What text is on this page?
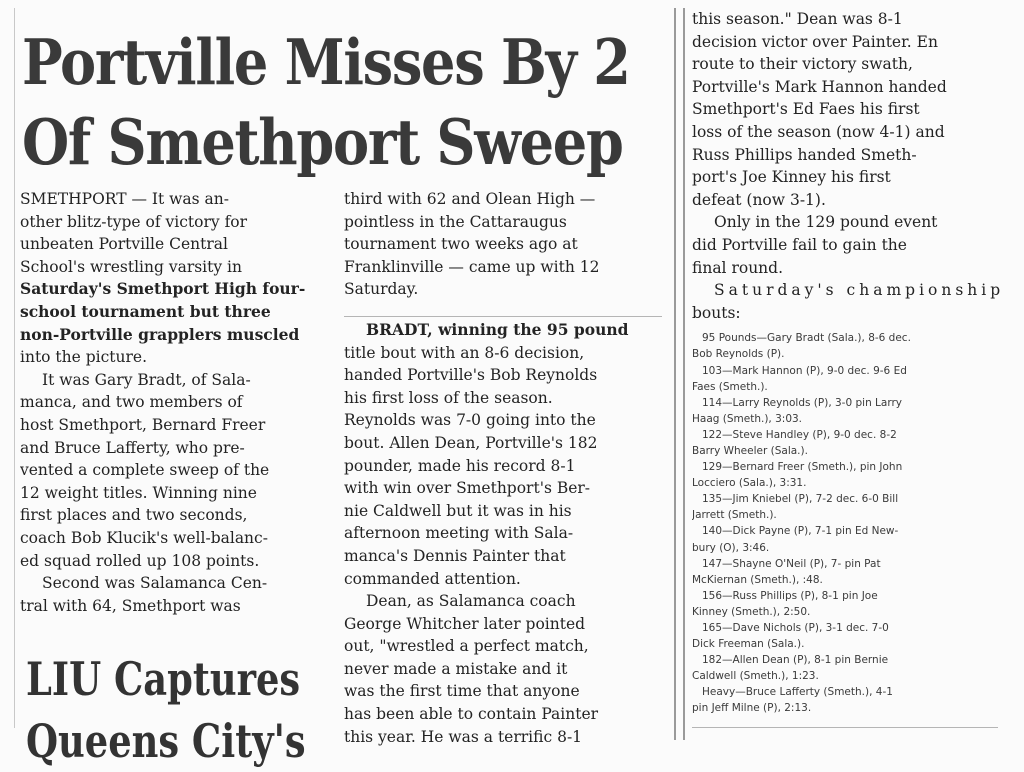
Portville Misses By 2
Of Smethport Sweep

SMETHPORT — It was an-
other blitz-type of victory for
unbeaten Portville Central
School's wrestling varsity in
Saturday's Smethport High four-
school tournament but three
non-Portville grapplers muscled
into the picture.

It was Gary Bradt, of Sala-
manca, and two members of
host Smethport, Bernard Freer
and Bruce Lafferty, who pre-
vented a complete sweep of the
12 weight titles. Winning nine
first places and two seconds,
coach Bob Klucik's well-balanc-
ed squad rolled up 108 points.

Second was Salamanca Cen-
tral with 64, Smethport was

LIU Captures
Queens City's

third with 62 and Olean High —
pointless in the Cattaraugus
tournament two weeks ago at
Franklinville — came up with 12
Saturday.

BRADT, winning the 95 pound
title bout with an 8-6 decision,
handed Portville's Bob Reynolds
his first loss of the season.
Reynolds was 7-0 going into the
bout. Allen Dean, Portville's 182
pounder, made his record 8-1
with win over Smethport's Ber-
nie Caldwell but it was in his
afternoon meeting with Sala-
manca's Dennis Painter that
commanded attention.

Dean, as Salamanca coach
George Whitcher later pointed
out, "wrestled a perfect match,
never made a mistake and it
was the first time that anyone
has been able to contain Painter
this year. He was a terrific 8-1

this season." Dean was 8-1
decision victor over Painter. En
route to their victory swath,
Portville's Mark Hannon handed
Smethport's Ed Faes his first
loss of the season (now 4-1) and
Russ Phillips handed Smeth-
port's Joe Kinney his first
defeat (now 3-1).

Only in the 129 pound event
did Portville fail to gain the
final round.

Saturday's championship
bouts:

95 Pounds—Gary Bradt (Sala.), 8-6 dec.
Bob Reynolds (P).
103—Mark Hannon (P), 9-0 dec. 9-6 Ed
Faes (Smeth.).
114—Larry Reynolds (P), 3-0 pin Larry
Haag (Smeth.), 3:03.
122—Steve Handley (P), 9-0 dec. 8-2
Barry Wheeler (Sala.).
129—Bernard Freer (Smeth.), pin John
Locciero (Sala.), 3:31.
135—Jim Kniebel (P), 7-2 dec. 6-0 Bill
Jarrett (Smeth.).
140—Dick Payne (P), 7-1 pin Ed New-
bury (O), 3:46.
147—Shayne O'Neil (P), 7- pin Pat
McKiernan (Smeth.), :48.
156—Russ Phillips (P), 8-1 pin Joe
Kinney (Smeth.), 2:50.
165—Dave Nichols (P), 3-1 dec. 7-0
Dick Freeman (Sala.).
182—Allen Dean (P), 8-1 pin Bernie
Caldwell (Smeth.), 1:23.
Heavy—Bruce Lafferty (Smeth.), 4-1
pin Jeff Milne (P), 2:13.
